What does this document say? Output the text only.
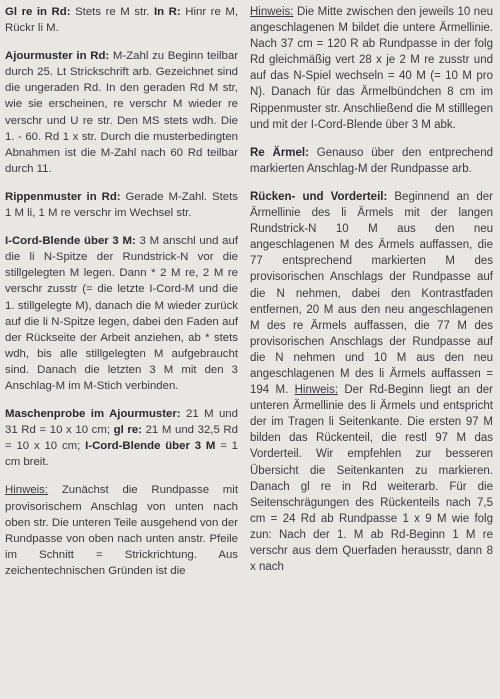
Gl re in Rd: Stets re M str. In R: Hinr re M, Rückr li M.

Ajourmuster in Rd: M-Zahl zu Beginn teilbar durch 25. Lt Strickschrift arb. Gezeichnet sind die ungeraden Rd. In den geraden Rd M str, wie sie erscheinen, re verschr M wieder re verschr und U re str. Den MS stets wdh. Die 1. - 60. Rd 1 x str. Durch die musterbedingten Abnahmen ist die M-Zahl nach 60 Rd teilbar durch 11.

Rippenmuster in Rd: Gerade M-Zahl. Stets 1 M li, 1 M re verschr im Wechsel str.

I-Cord-Blende über 3 M: 3 M anschl und auf die li N-Spitze der Rundstrick-N vor die stillgelegten M legen. Dann * 2 M re, 2 M re verschr zusstr (= die letzte I-Cord-M und die 1. stillgelegte M), danach die M wieder zurück auf die li N-Spitze legen, dabei den Faden auf der Rückseite der Arbeit anziehen, ab * stets wdh, bis alle stillgelegten M aufgebraucht sind. Danach die letzten 3 M mit den 3 Anschlag-M im M-Stich verbinden.

Maschenprobe im Ajourmuster: 21 M und 31 Rd = 10 x 10 cm; gl re: 21 M und 32,5 Rd = 10 x 10 cm; I-Cord-Blende über 3 M = 1 cm breit.

Hinweis: Zunächst die Rundpasse mit provisorischem Anschlag von unten nach oben str. Die unteren Teile ausgehend von der Rundpasse von oben nach unten anstr. Pfeile im Schnitt = Strickrichtung. Aus zeichentechnischen Gründen ist die

Hinweis: Die Mitte zwischen den jeweils 10 neu angeschlagenen M bildet die untere Ärmellinie. Nach 37 cm = 120 R ab Rundpasse in der folg Rd gleichmäßig vert 28 x je 2 M re zusstr und auf das N-Spiel wechseln = 40 M (= 10 M pro N). Danach für das Ärmelbündchen 8 cm im Rippenmuster str. Anschließend die M stilllegen und mit der I-Cord-Blende über 3 M abk.

Re Ärmel: Genauso über den entprechend markierten Anschlag-M der Rundpasse arb.

Rücken- und Vorderteil: Beginnend an der Ärmellinie des li Ärmels mit der langen Rundstrick-N 10 M aus den neu angeschlagenen M des Ärmels auffassen, die 77 entsprechend markierten M des provisorischen Anschlags der Rundpasse auf die N nehmen, dabei den Kontrastfaden entfernen, 20 M aus den neu angeschlagenen M des re Ärmels auffassen, die 77 M des provisorischen Anschlags der Rundpasse auf die N nehmen und 10 M aus den neu angeschlagenen M des li Ärmels auffassen = 194 M. Hinweis: Der Rd-Beginn liegt an der unteren Ärmellinie des li Ärmels und entspricht der im Tragen li Seitenkante. Die ersten 97 M bilden das Rückenteil, die restl 97 M das Vorderteil. Wir empfehlen zur besseren Übersicht die Seitenkanten zu markieren. Danach gl re in Rd weiterarb. Für die Seitenschrägungen des Rückenteils nach 7,5 cm = 24 Rd ab Rundpasse 1 x 9 M wie folg zun: Nach der 1. M ab Rd-Beginn 1 M re verschr aus dem Querfaden herausstr, dann 8 x nach
